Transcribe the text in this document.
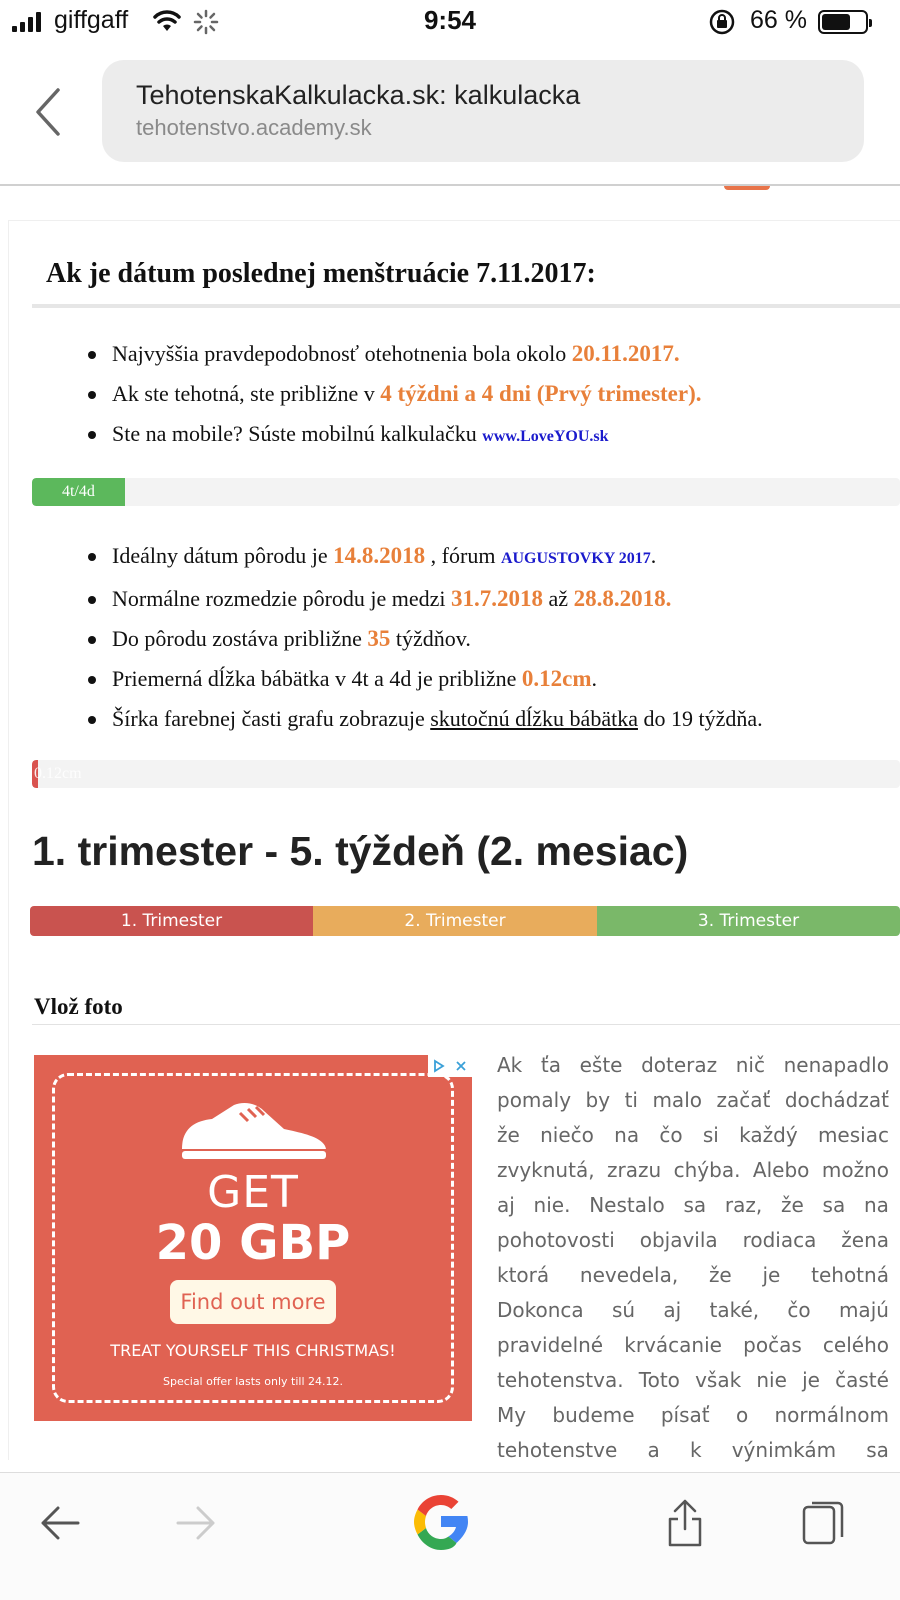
giffgaff	9:54	66 %
TehotenskaKalkulacka.sk: kalkulacka
tehotenstvo.academy.sk
Ak je dátum poslednej menštruácie 7.11.2017:
Najvyššia pravdepodobnosť otehotnenia bola okolo 20.11.2017.
Ak ste tehotná, ste približne v 4 týždni a 4 dni (Prvý trimester).
Ste na mobile? Súste mobilnú kalkulačku www.LoveYOU.sk
4t/4d
Ideálny dátum pôrodu je 14.8.2018 , fórum AUGUSTOVKY 2017.
Normálne rozmedzie pôrodu je medzi 31.7.2018 až 28.8.2018.
Do pôrodu zostáva približne 35 týždňov.
Priemerná dĺžka bábätka v 4t a 4d je približne 0.12cm.
Šírka farebnej časti grafu zobrazuje skutočnú dĺžku bábätka do 19 týždňa.
0.12cm
1. trimester - 5. týždeň (2. mesiac)
1. Trimester	2. Trimester	3. Trimester
Vlož foto
GET
20 GBP
Find out more
TREAT YOURSELF THIS CHRISTMAS!
Special offer lasts only till 24.12.
Ak ťa ešte doteraz nič nenapadlo
pomaly by ti malo začať dochádzať
že niečo na čo si každý mesiac
zvyknutá, zrazu chýba. Alebo možno
aj nie. Nestalo sa raz, že sa na
pohotovosti objavila rodiaca žena
ktorá nevedela, že je tehotná
Dokonca sú aj také, čo majú
pravidelné krvácanie počas celého
tehotenstva. Toto však nie je časté
My budeme písať o normálnom
tehotenstve a k výnimkám sa
